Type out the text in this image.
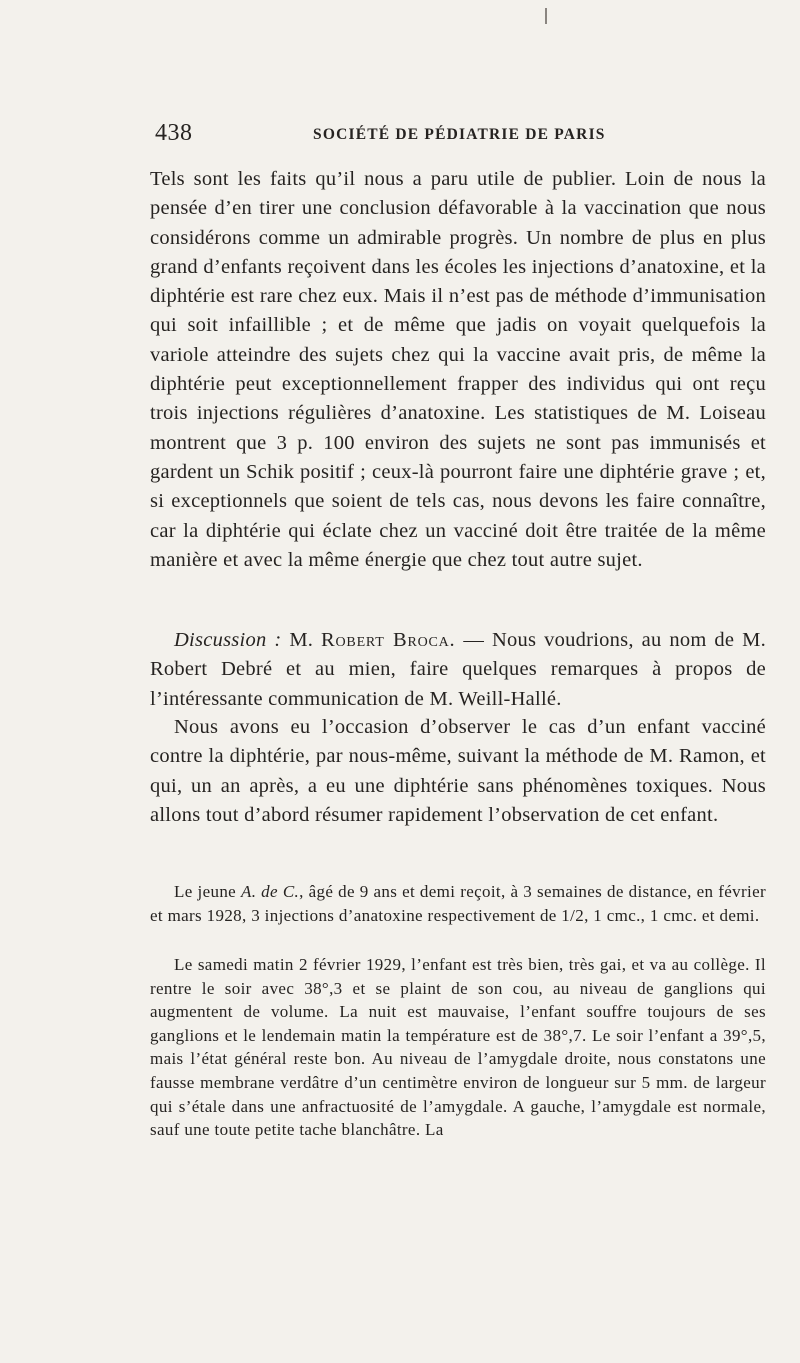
438	SOCIÉTÉ DE PÉDIATRIE DE PARIS

Tels sont les faits qu’il nous a paru utile de publier. Loin de nous la pensée d’en tirer une conclusion défavorable à la vaccination que nous considérons comme un admirable progrès. Un nombre de plus en plus grand d’enfants reçoivent dans les écoles les injections d’anatoxine, et la diphtérie est rare chez eux. Mais il n’est pas de méthode d’immunisation qui soit infaillible ; et de même que jadis on voyait quelquefois la variole atteindre des sujets chez qui la vaccine avait pris, de même la diphtérie peut exceptionnellement frapper des individus qui ont reçu trois injections régulières d’anatoxine. Les statistiques de M. Loiseau montrent que 3 p. 100 environ des sujets ne sont pas immunisés et gardent un Schik positif ; ceux-là pourront faire une diphtérie grave ; et, si exceptionnels que soient de tels cas, nous devons les faire connaître, car la diphtérie qui éclate chez un vacciné doit être traitée de la même manière et avec la même énergie que chez tout autre sujet.

Discussion : M. Robert Broca. — Nous voudrions, au nom de M. Robert Debré et au mien, faire quelques remarques à propos de l’intéressante communication de M. Weill-Hallé.

Nous avons eu l’occasion d’observer le cas d’un enfant vacciné contre la diphtérie, par nous-même, suivant la méthode de M. Ramon, et qui, un an après, a eu une diphtérie sans phénomènes toxiques. Nous allons tout d’abord résumer rapidement l’observation de cet enfant.

Le jeune A. de C., âgé de 9 ans et demi reçoit, à 3 semaines de distance, en février et mars 1928, 3 injections d’anatoxine respectivement de 1/2, 1 cmc., 1 cmc. et demi.

Le samedi matin 2 février 1929, l’enfant est très bien, très gai, et va au collège. Il rentre le soir avec 38°,3 et se plaint de son cou, au niveau de ganglions qui augmentent de volume. La nuit est mauvaise, l’enfant souffre toujours de ses ganglions et le lendemain matin la température est de 38°,7. Le soir l’enfant a 39°,5, mais l’état général reste bon. Au niveau de l’amygdale droite, nous constatons une fausse membrane verdâtre d’un centimètre environ de longueur sur 5 mm. de largeur qui s’étale dans une anfractuosité de l’amygdale. A gauche, l’amygdale est normale, sauf une toute petite tache blanchâtre. La
